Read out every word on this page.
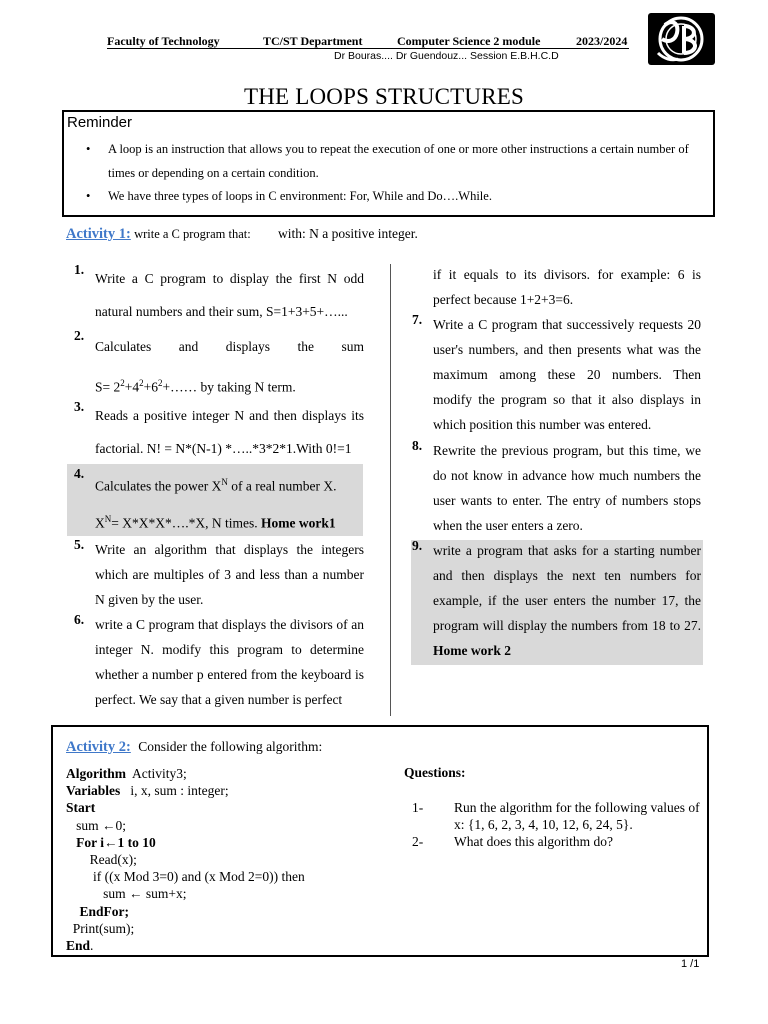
Faculty of Technology	TC/ST Department	Computer Science 2 module	2023/2024
Dr Bouras.... Dr Guendouz... Session E.B.H.C.D
THE LOOPS STRUCTURES
Reminder
• A loop is an instruction that allows you to repeat the execution of one or more other instructions a certain number of times or depending on a certain condition.
• We have three types of loops in C environment: For, While and Do….While.
Activity 1: write a C program that: with: N a positive integer.
1.
Write a C program to display the first N odd natural numbers and their sum, S=1+3+5+…...
2.
Calculates and displays the sum
$S= 2^2+4^2+6^2+\dots\dots$ by taking N term.
3.
Reads a positive integer N and then displays its factorial. N! = N*(N-1) *…..*3*2*1.With 0!=1
4.
Calculates the power $X^N$ of a real number X.
$X^N=$ X*X*X*….*X, N times. Home work1
5. Write an algorithm that displays the integers which are multiples of 3 and less than a number N given by the user.
6. write a C program that displays the divisors of an integer N. modify this program to determine whether a number p entered from the keyboard is perfect. We say that a given number is perfect
if it equals to its divisors. for example: 6 is perfect because 1+2+3=6.
7. Write a C program that successively requests 20 user's numbers, and then presents what was the maximum among these 20 numbers. Then modify the program so that it also displays in which position this number was entered.
8. Rewrite the previous program, but this time, we do not know in advance how much numbers the user wants to enter. The entry of numbers stops when the user enters a zero.
9. write a program that asks for a starting number and then displays the next ten numbers for example, if the user enters the number 17, the program will display the numbers from 18 to 27. Home work 2
Activity 2: Consider the following algorithm:
Algorithm  Activity3;
Variables   i, x, sum : integer;
Start
sum ←0;
For i←1 to 10
Read(x);
if ((x Mod 3=0) and (x Mod 2=0)) then
sum ← sum+x;
EndFor;
Print(sum);
End.
Questions:
1- Run the algorithm for the following values of x: {1, 6, 2, 3, 4, 10, 12, 6, 24, 5}.
2- What does this algorithm do?
1 /1
